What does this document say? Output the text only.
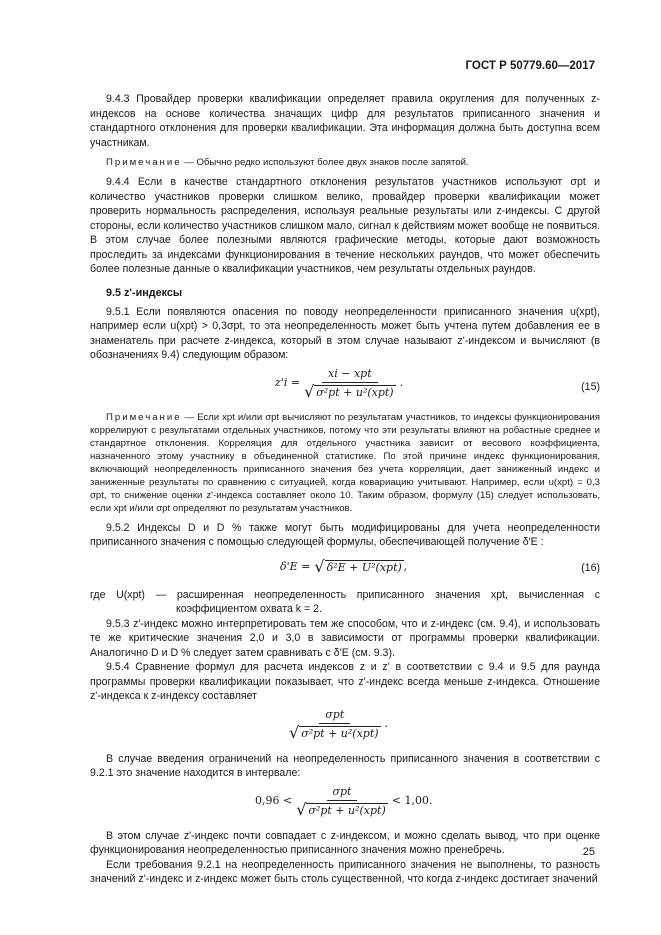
ГОСТ Р 50779.60—2017

9.4.3 Провайдер проверки квалификации определяет правила округления для полученных z-индексов на основе количества значащих цифр для результатов приписанного значения и стандартного отклонения для проверки квалификации. Эта информация должна быть доступна всем участникам.

Примечание — Обычно редко используют более двух знаков после запятой.

9.4.4 Если в качестве стандартного отклонения результатов участников используют σpt и количество участников проверки слишком велико, провайдер проверки квалификации может проверить нормальность распределения, используя реальные результаты или z-индексы. С другой стороны, если количество участников слишком мало, сигнал к действиям может вообще не появиться. В этом случае более полезными являются графические методы, которые дают возможность проследить за индексами функционирования в течение нескольких раундов, что может обеспечить более полезные данные о квалификации участников, чем результаты отдельных раундов.

9.5 z'-индексы

9.5.1 Если появляются опасения по поводу неопределенности приписанного значения u(xpt), например если u(xpt) > 0,3σpt, то эта неопределенность может быть учтена путем добавления ее в знаменатель при расчете z-индекса, который в этом случае называют z'-индексом и вычисляют (в обозначениях 9.4) следующим образом:

$z'i = \frac{\text{xi − xpt}}{\text{√ σ²pt + u²(xpt)}}$ .	(15)

Примечание — Если xpt и/или σpt вычисляют по результатам участников, то индексы функционирования коррелируют с результатами отдельных участников, потому что эти результаты влияют на робастные среднее и стандартное отклонения. Корреляция для отдельного участника зависит от весового коэффициента, назначенного этому участнику в объединенной статистике. По этой причине индекс функционирования, включающий неопределенность приписанного значения без учета корреляции, дает заниженный индекс и заниженные результаты по сравнению с ситуацией, когда ковариацию учитывают. Например, если u(xpt) = 0,3 σpt, то снижение оценки z'-индекса составляет около 10. Таким образом, формулу (15) следует использовать, если xpt и/или σpt определяют по результатам участников.

9.5.2 Индексы D и D % также могут быть модифицированы для учета неопределенности приписанного значения с помощью следующей формулы, обеспечивающей получение δ'E :

δ'E = √ δ²E + U²(xpt) ,	(16)

где U(xpt) — расширенная неопределенность приписанного значения xpt, вычисленная с коэффициентом охвата k = 2.

9.5.3 z'-индекс можно интерпретировать тем же способом, что и z-индекс (см. 9.4), и использовать те же критические значения 2,0 и 3,0 в зависимости от программы проверки квалификации. Аналогично D и D % следует затем сравнивать с δ'E (см. 9.3).

9.5.4 Сравнение формул для расчета индексов z и z' в соответствии с 9.4 и 9.5 для раунда программы проверки квалификации показывает, что z'-индекс всегда меньше z-индекса. Отношение z'-индекса к z-индексу составляет

$\frac{\text{σpt}}{\text{√ σ²pt + u²(xpt)}}$ .

В случае введения ограничений на неопределенность приписанного значения в соответствии с 9.2.1 это значение находится в интервале:

$0,96 < \frac{\text{σpt}}{\text{√ σ²pt + u²(xpt)}} < 1,00$.

В этом случае z'-индекс почти совпадает с z-индексом, и можно сделать вывод, что при оценке функционирования неопределенностью приписанного значения можно пренебречь.

Если требования 9.2.1 на неопределенность приписанного значения не выполнены, то разность значений z'-индекс и z-индекс может быть столь существенной, что когда z-индекс достигает значений

25
